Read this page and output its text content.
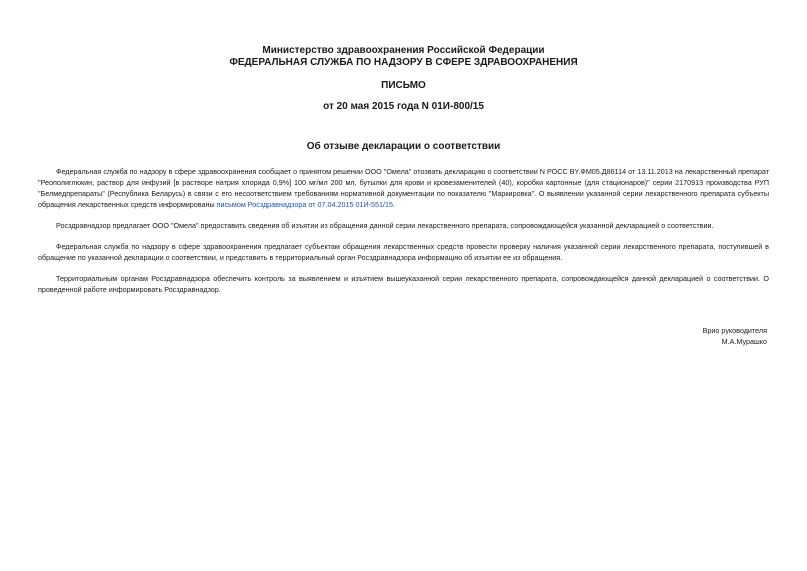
Министерство здравоохранения Российской Федерации
ФЕДЕРАЛЬНАЯ СЛУЖБА ПО НАДЗОРУ В СФЕРЕ ЗДРАВООХРАНЕНИЯ
ПИСЬМО
от 20 мая 2015 года N 01И-800/15
Об отзыве декларации о соответствии
Федеральная служба по надзору в сфере здравоохранения сообщает о принятом решении ООО "Омела" отозвать декларацию о соответствии N РОСС BY.ФМ05.Д86114 от 13.11.2013 на лекарственный препарат "Реополиглюкин, раствор для инфузий [в растворе натрия хлорида 0,9%] 100 мг/мл 200 мл, бутылки для крови и кровезаменителей (40), коробки картонные (для стационаров)" серии 2170913 производства РУП "Белмедпрепараты" (Республика Беларусь) в связи с его несоответствием требованиям нормативной документации по показателю "Маркировка". О выявлении указанной серии лекарственного препарата субъекты обращения лекарственных средств информированы письмом Росздравнадзора от 07.04.2015 01И-551/15.
Росздравнадзор предлагает ООО "Омела" предоставить сведения об изъятии из обращения данной серии лекарственного препарата, сопровождающейся указанной декларацией о соответствии.
Федеральная служба по надзору в сфере здравоохранения предлагает субъектам обращения лекарственных средств провести проверку наличия указанной серии лекарственного препарата, поступившей в обращение по указанной декларации о соответствии, и представить в территориальный орган Росздравнадзора информацию об изъятии ее из обращения.
Территориальным органам Росздравнадзора обеспечить контроль за выявлением и изъятием вышеуказанной серии лекарственного препарата, сопровождающейся данной декларацией о соответствии. О проведенной работе информировать Росздравнадзор.
Врио руководителя
М.А.Мурашко
